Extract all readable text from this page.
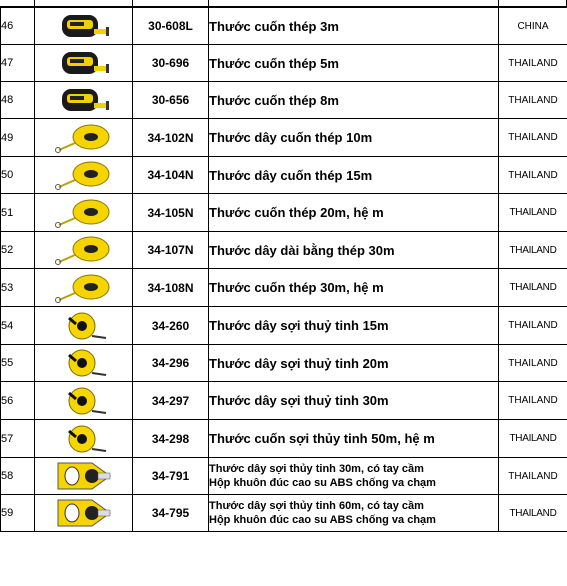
46		30-608L	Thước cuốn thép 3m	CHINA
47		30-696	Thước cuốn thép 5m	THAILAND
48		30-656	Thước cuốn thép 8m	THAILAND
49		34-102N	Thước dây cuốn thép 10m	THAILAND
50		34-104N	Thước dây cuốn thép 15m	THAILAND
51		34-105N	Thước cuốn thép 20m, hệ m	THAILAND
52		34-107N	Thước dây dài bằng thép 30m	THAILAND
53		34-108N	Thước cuốn thép 30m, hệ m	THAILAND
54		34-260	Thước dây sợi thuỷ tinh 15m	THAILAND
55		34-296	Thước dây sợi thuỷ tinh 20m	THAILAND
56		34-297	Thước dây sợi thuỷ tinh 30m	THAILAND
57		34-298	Thước cuốn sợi thủy tinh 50m, hệ m	THAILAND
58		34-791	Thước dây sợi thủy tinh 30m, có tay cầm
Hộp khuôn đúc cao su ABS chống va chạm	THAILAND
59		34-795	Thước dây sợi thủy tinh 60m, có tay cầm
Hộp khuôn đúc cao su ABS chống va chạm	THAILAND
